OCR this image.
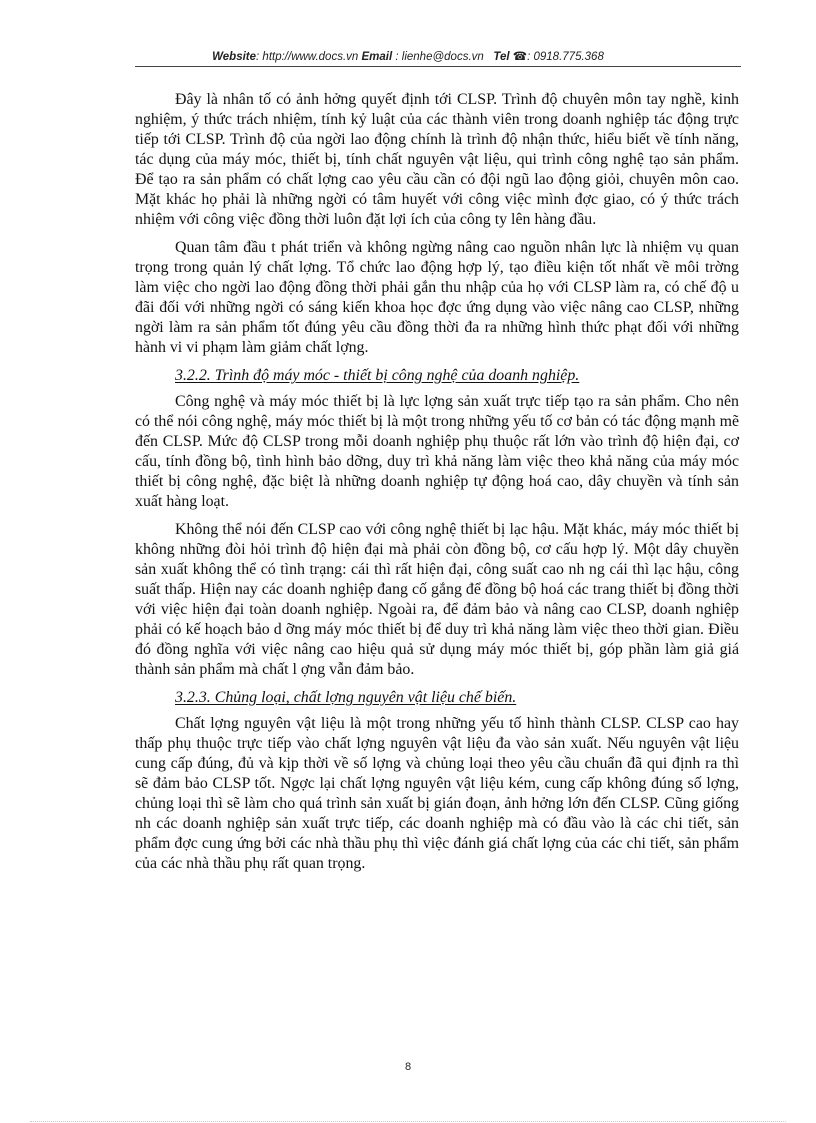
Website: http://www.docs.vn Email : lienhe@docs.vn Tel ☎: 0918.775.368

Đây là nhân tố có ảnh hởng quyết định tới CLSP. Trình độ chuyên môn tay nghề, kinh nghiệm, ý thức trách nhiệm, tính kỷ luật của các thành viên trong doanh nghiệp tác động trực tiếp tới CLSP. Trình độ của ngời lao động chính là trình độ nhận thức, hiểu biết về tính năng, tác dụng của máy móc, thiết bị, tính chất nguyên vật liệu, qui trình công nghệ tạo sản phẩm. Để tạo ra sản phẩm có chất lợng cao yêu cầu cần có đội ngũ lao động giỏi, chuyên môn cao. Mặt khác họ phải là những ngời có tâm huyết với công việc mình đợc giao, có ý thức trách nhiệm với công việc đồng thời luôn đặt lợi ích của công ty lên hàng đầu.

Quan tâm đầu t phát triển và không ngừng nâng cao nguồn nhân lực là nhiệm vụ quan trọng trong quản lý chất lợng. Tổ chức lao động hợp lý, tạo điều kiện tốt nhất về môi trờng làm việc cho ngời lao động đồng thời phải gắn thu nhập của họ với CLSP làm ra, có chế độ u đãi đối với những ngời có sáng kiến khoa học đợc ứng dụng vào việc nâng cao CLSP, những ngời làm ra sản phẩm tốt đúng yêu cầu đồng thời đa ra những hình thức phạt đối với những hành vi vi phạm làm giảm chất lợng.

3.2.2. Trình độ máy móc - thiết bị công nghệ của doanh nghiệp.

Công nghệ và máy móc thiết bị là lực lợng sản xuất trực tiếp tạo ra sản phẩm. Cho nên có thể nói công nghệ, máy móc thiết bị là một trong những yếu tố cơ bản có tác động mạnh mẽ đến CLSP. Mức độ CLSP trong mỗi doanh nghiệp phụ thuộc rất lớn vào trình độ hiện đại, cơ cấu, tính đồng bộ, tình hình bảo dỡng, duy trì khả năng làm việc theo khả năng của máy móc thiết bị công nghệ, đặc biệt là những doanh nghiệp tự động hoá cao, dây chuyền và tính sản xuất hàng loạt.

Không thể nói đến CLSP cao với công nghệ thiết bị lạc hậu. Mặt khác, máy móc thiết bị không những đòi hỏi trình độ hiện đại mà phải còn đồng bộ, cơ cấu hợp lý. Một dây chuyền sản xuất không thể có tình trạng: cái thì rất hiện đại, công suất cao nh ng cái thì lạc hậu, công suất thấp. Hiện nay các doanh nghiệp đang cố gắng để đồng bộ hoá các trang thiết bị đồng thời với việc hiện đại toàn doanh nghiệp. Ngoài ra, để đảm bảo và nâng cao CLSP, doanh nghiệp phải có kế hoạch bảo d ỡng máy móc thiết bị để duy trì khả năng làm việc theo thời gian. Điều đó đồng nghĩa với việc nâng cao hiệu quả sử dụng máy móc thiết bị, góp phần làm giả giá thành sản phẩm mà chất l ợng vẫn đảm bảo.

3.2.3. Chủng loại, chất lợng nguyên vật liệu chế biến.

Chất lợng nguyên vật liệu là một trong những yếu tố hình thành CLSP. CLSP cao hay thấp phụ thuộc trực tiếp vào chất lợng nguyên vật liệu đa vào sản xuất. Nếu nguyên vật liệu cung cấp đúng, đủ và kịp thời về số lợng và chủng loại theo yêu cầu chuẩn đã qui định ra thì sẽ đảm bảo CLSP tốt. Ngợc lại chất lợng nguyên vật liệu kém, cung cấp không đúng số lợng, chủng loại thì sẽ làm cho quá trình sản xuất bị gián đoạn, ảnh hởng lớn đến CLSP. Cũng giống nh các doanh nghiệp sản xuất trực tiếp, các doanh nghiệp mà có đầu vào là các chi tiết, sản phẩm đợc cung ứng bởi các nhà thầu phụ thì việc đánh giá chất lợng của các chi tiết, sản phẩm của các nhà thầu phụ rất quan trọng.

8
